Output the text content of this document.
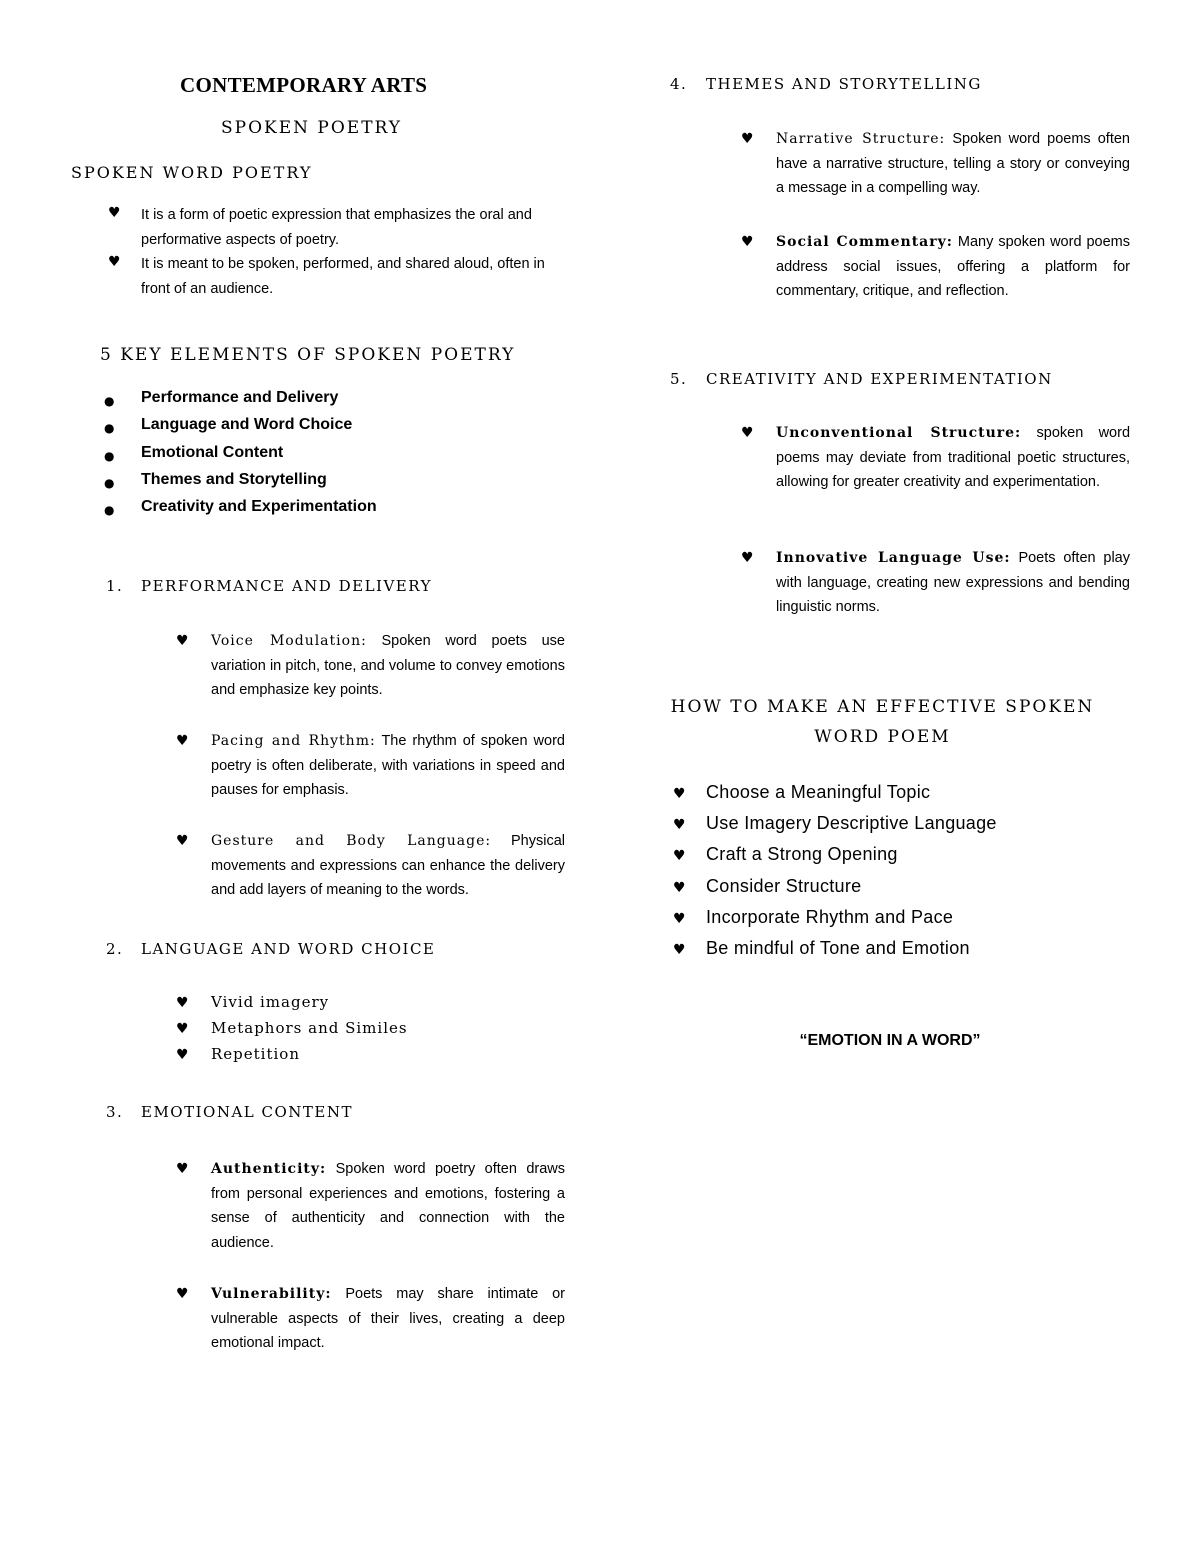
CONTEMPORARY ARTS
SPOKEN POETRY
SPOKEN WORD POETRY
♥ It is a form of poetic expression that emphasizes the oral and performative aspects of poetry.
♥ It is meant to be spoken, performed, and shared aloud, often in front of an audience.
5 KEY ELEMENTS OF SPOKEN POETRY
● Performance and Delivery
● Language and Word Choice
● Emotional Content
● Themes and Storytelling
● Creativity and Experimentation
1. PERFORMANCE AND DELIVERY
♥ Voice Modulation: Spoken word poets use variation in pitch, tone, and volume to convey emotions and emphasize key points.
♥ Pacing and Rhythm: The rhythm of spoken word poetry is often deliberate, with variations in speed and pauses for emphasis.
♥ Gesture and Body Language: Physical movements and expressions can enhance the delivery and add layers of meaning to the words.
2. LANGUAGE AND WORD CHOICE
♥ Vivid imagery
♥ Metaphors and Similes
♥ Repetition
3. EMOTIONAL CONTENT
♥ Authenticity: Spoken word poetry often draws from personal experiences and emotions, fostering a sense of authenticity and connection with the audience.
♥ Vulnerability: Poets may share intimate or vulnerable aspects of their lives, creating a deep emotional impact.
4. THEMES AND STORYTELLING
♥ Narrative Structure: Spoken word poems often have a narrative structure, telling a story or conveying a message in a compelling way.
♥ Social Commentary: Many spoken word poems address social issues, offering a platform for commentary, critique, and reflection.
5. CREATIVITY AND EXPERIMENTATION
♥ Unconventional Structure: spoken word poems may deviate from traditional poetic structures, allowing for greater creativity and experimentation.
♥ Innovative Language Use: Poets often play with language, creating new expressions and bending linguistic norms.
HOW TO MAKE AN EFFECTIVE SPOKEN
WORD POEM
♥ Choose a Meaningful Topic
♥ Use Imagery Descriptive Language
♥ Craft a Strong Opening
♥ Consider Structure
♥ Incorporate Rhythm and Pace
♥ Be mindful of Tone and Emotion
“EMOTION IN A WORD”
